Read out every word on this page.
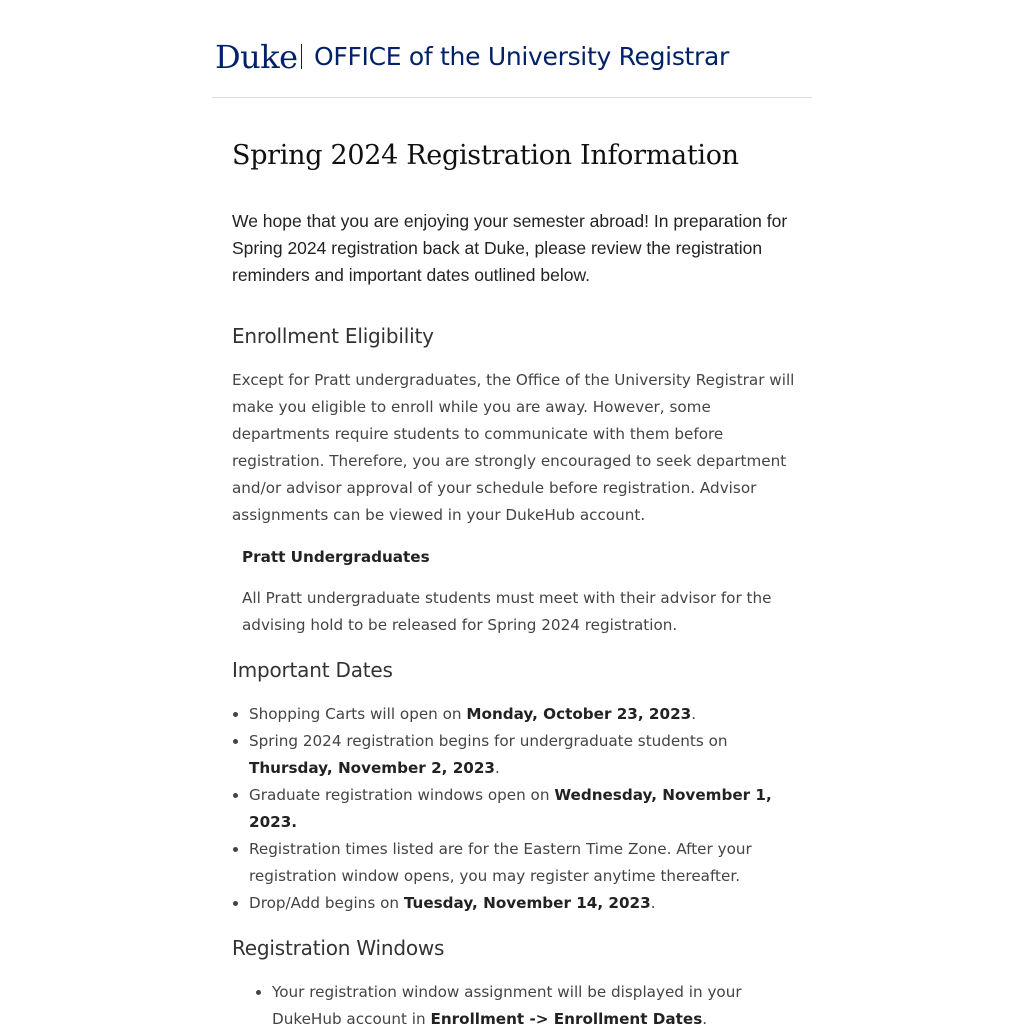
Duke OFFICE of the University Registrar
Spring 2024 Registration Information

We hope that you are enjoying your semester abroad! In preparation for Spring 2024 registration back at Duke, please review the registration reminders and important dates outlined below.

Enrollment Eligibility

Except for Pratt undergraduates, the Office of the University Registrar will make you eligible to enroll while you are away. However, some departments require students to communicate with them before registration. Therefore, you are strongly encouraged to seek department and/or advisor approval of your schedule before registration. Advisor assignments can be viewed in your DukeHub account.

Pratt Undergraduates

All Pratt undergraduate students must meet with their advisor for the advising hold to be released for Spring 2024 registration.

Important Dates
• Shopping Carts will open on Monday, October 23, 2023.
• Spring 2024 registration begins for undergraduate students on Thursday, November 2, 2023.
• Graduate registration windows open on Wednesday, November 1, 2023.
• Registration times listed are for the Eastern Time Zone. After your registration window opens, you may register anytime thereafter.
• Drop/Add begins on Tuesday, November 14, 2023.
Registration Windows
• Your registration window assignment will be displayed in your DukeHub account in Enrollment -> Enrollment Dates.
